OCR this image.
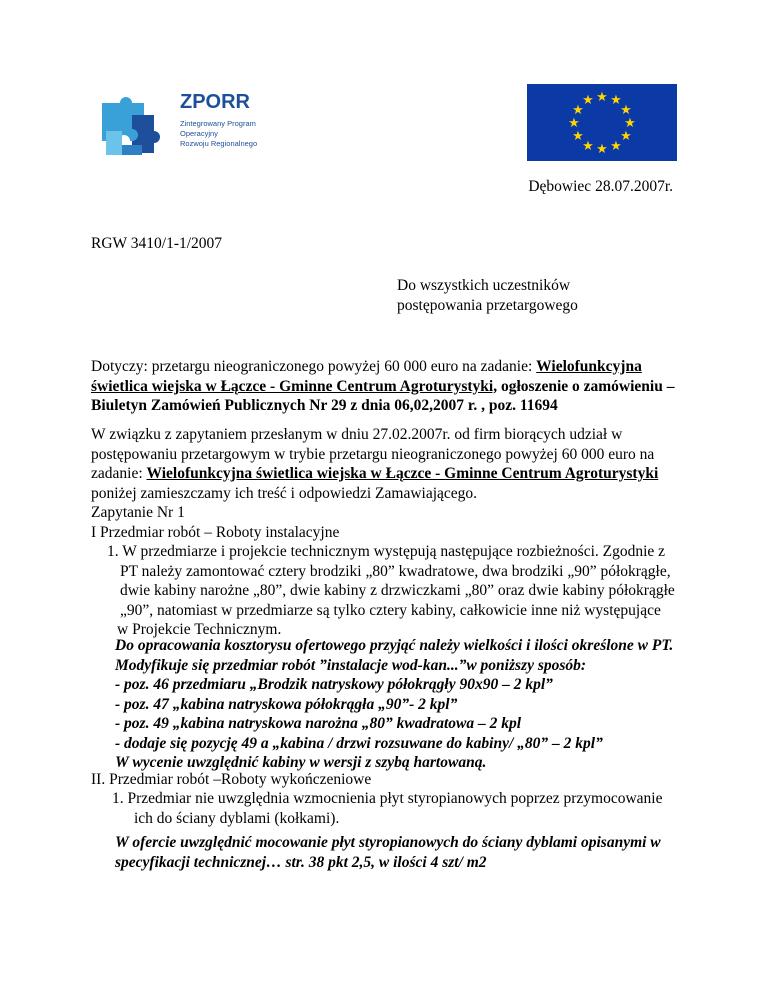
ZPORR
Zintegrowany Program
Operacyjny
Rozwoju Regionalnego
★ ★
★
★
★
★
★
★
★
★
★
★
Dębowiec 28.07.2007r.
RGW 3410/1-1/2007
Do wszystkich uczestników
postępowania przetargowego
Dotyczy: przetargu nieograniczonego powyżej 60 000 euro na zadanie: Wielofunkcyjna
świetlica wiejska w Łączce - Gminne Centrum Agroturystyki, ogłoszenie o zamówieniu –
Biuletyn Zamówień Publicznych Nr 29 z dnia 06,02,2007 r. , poz. 11694
W związku z zapytaniem przesłanym w dniu 27.02.2007r. od firm biorących udział w
postępowaniu przetargowym w trybie przetargu nieograniczonego powyżej 60 000 euro na
zadanie: Wielofunkcyjna świetlica wiejska w Łączce - Gminne Centrum Agroturystyki
poniżej zamieszczamy ich treść i odpowiedzi Zamawiającego.
Zapytanie Nr 1
I Przedmiar robót – Roboty instalacyjne
1. W przedmiarze i projekcie technicznym występują następujące rozbieżności. Zgodnie z
PT należy zamontować cztery brodziki „80” kwadratowe, dwa brodziki „90” półokrągłe,
dwie kabiny narożne „80”, dwie kabiny z drzwiczkami „80” oraz dwie kabiny półokrągłe
„90”, natomiast w przedmiarze są tylko cztery kabiny, całkowicie inne niż występujące
w Projekcie Technicznym.
Do opracowania kosztorysu ofertowego przyjąć należy wielkości i ilości określone w PT.
Modyfikuje się przedmiar robót ”instalacje wod-kan...”w poniższy sposób:
- poz. 46 przedmiaru „Brodzik natryskowy półokrągły 90x90 – 2 kpl”
- poz. 47 „kabina natryskowa półokrągła „90”- 2 kpl”
- poz. 49 „kabina natryskowa narożna „80” kwadratowa – 2 kpl
- dodaje się pozycję 49 a „kabina / drzwi rozsuwane do kabiny/ „80” – 2 kpl”
W wycenie uwzględnić kabiny w wersji z szybą hartowaną.
II. Przedmiar robót –Roboty wykończeniowe
1. Przedmiar nie uwzględnia wzmocnienia płyt styropianowych poprzez przymocowanie
ich do ściany dyblami (kołkami).
W ofercie uwzględnić mocowanie płyt styropianowych do ściany dyblami opisanymi w
specyfikacji technicznej… str. 38 pkt 2,5, w ilości 4 szt/ m2
